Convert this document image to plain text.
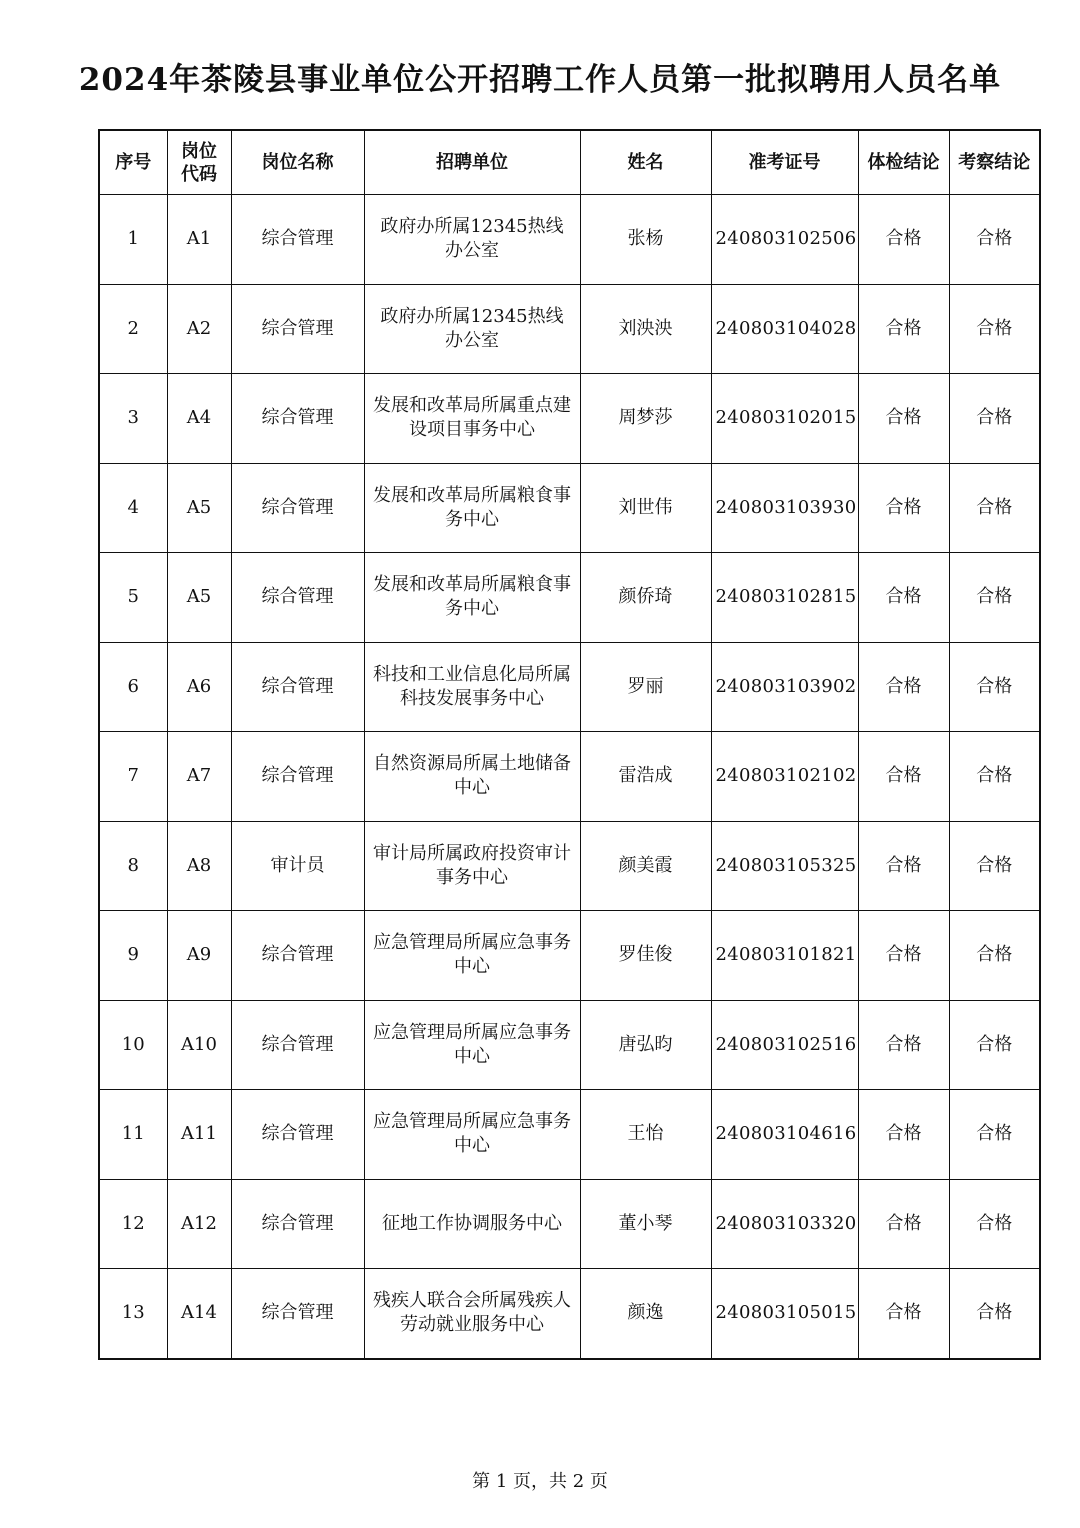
2024年茶陵县事业单位公开招聘工作人员第一批拟聘用人员名单
序号	岗位代码	岗位名称	招聘单位	姓名	准考证号	体检结论	考察结论
1	A1	综合管理	政府办所属12345热线办公室	张杨	240803102506	合格	合格
2	A2	综合管理	政府办所属12345热线办公室	刘泱泱	240803104028	合格	合格
3	A4	综合管理	发展和改革局所属重点建设项目事务中心	周梦莎	240803102015	合格	合格
4	A5	综合管理	发展和改革局所属粮食事务中心	刘世伟	240803103930	合格	合格
5	A5	综合管理	发展和改革局所属粮食事务中心	颜侨琦	240803102815	合格	合格
6	A6	综合管理	科技和工业信息化局所属科技发展事务中心	罗丽	240803103902	合格	合格
7	A7	综合管理	自然资源局所属土地储备中心	雷浩成	240803102102	合格	合格
8	A8	审计员	审计局所属政府投资审计事务中心	颜美霞	240803105325	合格	合格
9	A9	综合管理	应急管理局所属应急事务中心	罗佳俊	240803101821	合格	合格
10	A10	综合管理	应急管理局所属应急事务中心	唐弘昀	240803102516	合格	合格
11	A11	综合管理	应急管理局所属应急事务中心	王怡	240803104616	合格	合格
12	A12	综合管理	征地工作协调服务中心	董小琴	240803103320	合格	合格
13	A14	综合管理	残疾人联合会所属残疾人劳动就业服务中心	颜逸	240803105015	合格	合格
第 1 页，共 2 页
